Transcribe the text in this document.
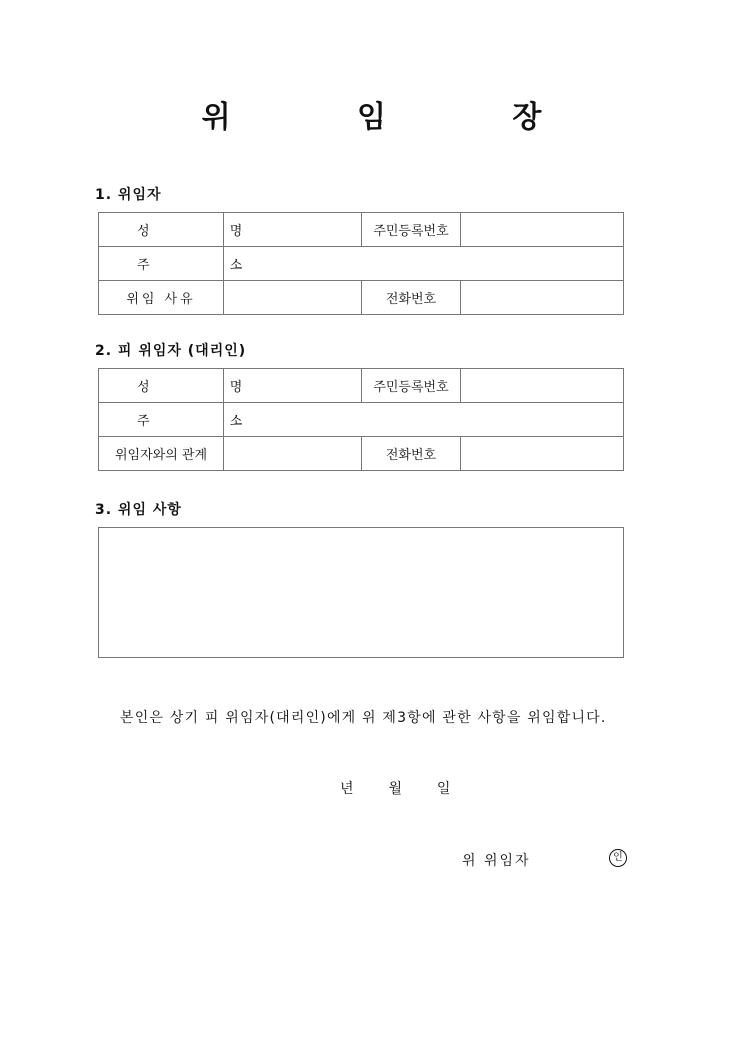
위 임 장
1. 위임자
성 명		주민등록번호	
주 소			
위임 사유		전화번호	
2. 피 위임자 (대리인)
성 명		주민등록번호	
주 소			
위임자와의 관계		전화번호	
3. 위임 사항
본인은 상기 피 위임자(대리인)에게 위 제3항에 관한 사항을 위임합니다.
년 월 일
위 위임자	인
